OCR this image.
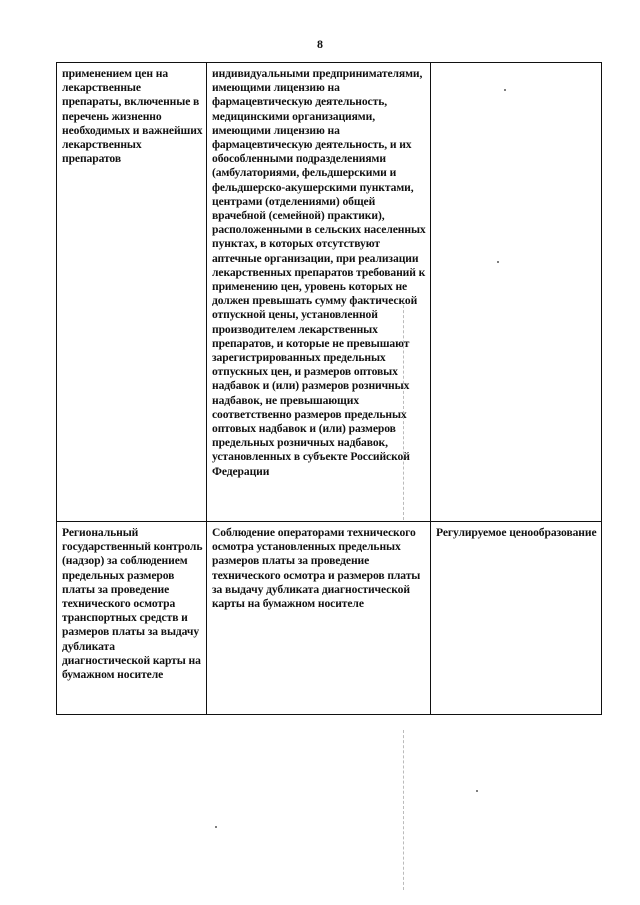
8
применением цен на лекарственные препараты, включенные в перечень жизненно необходимых и важнейших лекарственных препаратов	индивидуальными предпринимателями, имеющими лицензию на фармацевтическую деятельность, медицинскими организациями, имеющими лицензию на фармацевтическую деятельность, и их обособленными подразделениями (амбулаториями, фельдшерскими и фельдшерско-акушерскими пунктами, центрами (отделениями) общей врачебной (семейной) практики), расположенными в сельских населенных пунктах, в которых отсутствуют аптечные организации, при реализации лекарственных препаратов требований к применению цен, уровень которых не должен превышать сумму фактической отпускной цены, установленной производителем лекарственных препаратов, и которые не превышают зарегистрированных предельных отпускных цен, и размеров оптовых надбавок и (или) размеров розничных надбавок, не превышающих соответственно размеров предельных оптовых надбавок и (или) размеров предельных розничных надбавок, установленных в субъекте Российской Федерации	
Региональный государственный контроль (надзор) за соблюдением предельных размеров платы за проведение технического осмотра транспортных средств и размеров платы за выдачу дубликата диагностической карты на бумажном носителе	Соблюдение операторами технического осмотра установленных предельных размеров платы за проведение технического осмотра и размеров платы за выдачу дубликата диагностической карты на бумажном носителе	Регулируемое ценообразование
